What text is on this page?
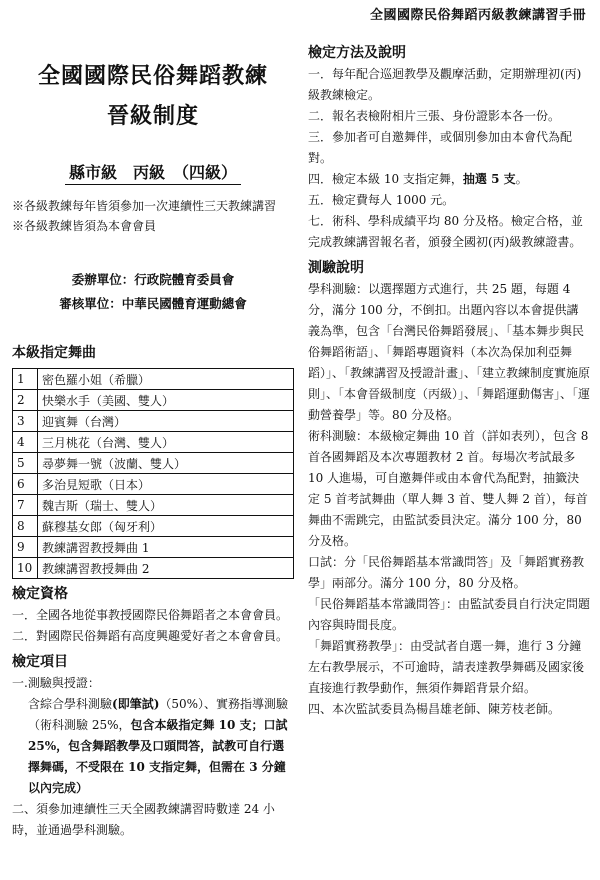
全國國際民俗舞蹈丙級教練講習手冊
全國國際民俗舞蹈教練
晉級制度
縣市級　丙級　（四級）

※各級教練每年皆須參加一次連續性三天教練講習

※各級教練皆須為本會會員

委辦單位：行政院體育委員會

審核單位：中華民國體育運動總會

本級指定舞曲
1	密色羅小姐（希臘）
2	快樂水手（美國、雙人）
3	迎賓舞（台灣）
4	三月桃花（台灣、雙人）
5	尋夢舞一號（波蘭、雙人）
6	多治見短歌（日本）
7	魏吉斯（瑞士、雙人）
8	蘇穆基女郎（匈牙利）
9	教練講習教授舞曲 1
10	教練講習教授舞曲 2
檢定資格

一．全國各地從事教授國際民俗舞蹈者之本會會員。

二．對國際民俗舞蹈有高度興趣愛好者之本會會員。

檢定項目

一.測驗與授證：

含綜合學科測驗(即筆試)（50%）、實務指導測驗（術科測驗 25%，包含本級指定舞 10 支；口試 25%，包含舞蹈教學及口頭問答，試教可自行選擇舞碼，不受限在 10 支指定舞，但需在 3 分鐘以內完成）

二、須參加連續性三天全國教練講習時數達 24 小時，並通過學科測驗。

檢定方法及說明

一．每年配合巡迴教學及觀摩活動，定期辦理初(丙)級教練檢定。

二．報名表檢附相片三張、身份證影本各一份。

三．參加者可自邀舞伴，或個別參加由本會代為配對。

四．檢定本級 10 支指定舞，抽選 5 支。

五．檢定費每人 1000 元。

七．術科、學科成績平均 80 分及格。檢定合格，並完成教練講習報名者，頒發全國初(丙)級教練證書。

測驗說明

學科測驗：以選擇題方式進行，共 25 題，每題 4 分，滿分 100 分，不倒扣。出題內容以本會提供講義為準，包含「台灣民俗舞蹈發展」、「基本舞步與民俗舞蹈術語」、「舞蹈專題資料（本次為保加利亞舞蹈）」、「教練講習及授證計畫」、「建立教練制度實施原則」、「本會晉級制度（丙級）」、「舞蹈運動傷害」、「運動營養學」等。80 分及格。

術科測驗：本級檢定舞曲 10 首（詳如表列），包含 8 首各國舞蹈及本次專題教材 2 首。每場次考試最多 10 人進場，可自邀舞伴或由本會代為配對，抽籤決定 5 首考試舞曲（單人舞 3 首、雙人舞 2 首），每首舞曲不需跳完，由監試委員決定。滿分 100 分，80 分及格。

口試：分「民俗舞蹈基本常識問答」及「舞蹈實務教學」兩部分。滿分 100 分，80 分及格。

「民俗舞蹈基本常識問答」：由監試委員自行決定問題內容與時間長度。

「舞蹈實務教學」：由受試者自選一舞，進行 3 分鐘左右教學展示，不可逾時，請表達教學舞碼及國家後直接進行教學動作，無須作舞蹈背景介紹。

四、本次監試委員為楊昌雄老師、陳芳枝老師。
